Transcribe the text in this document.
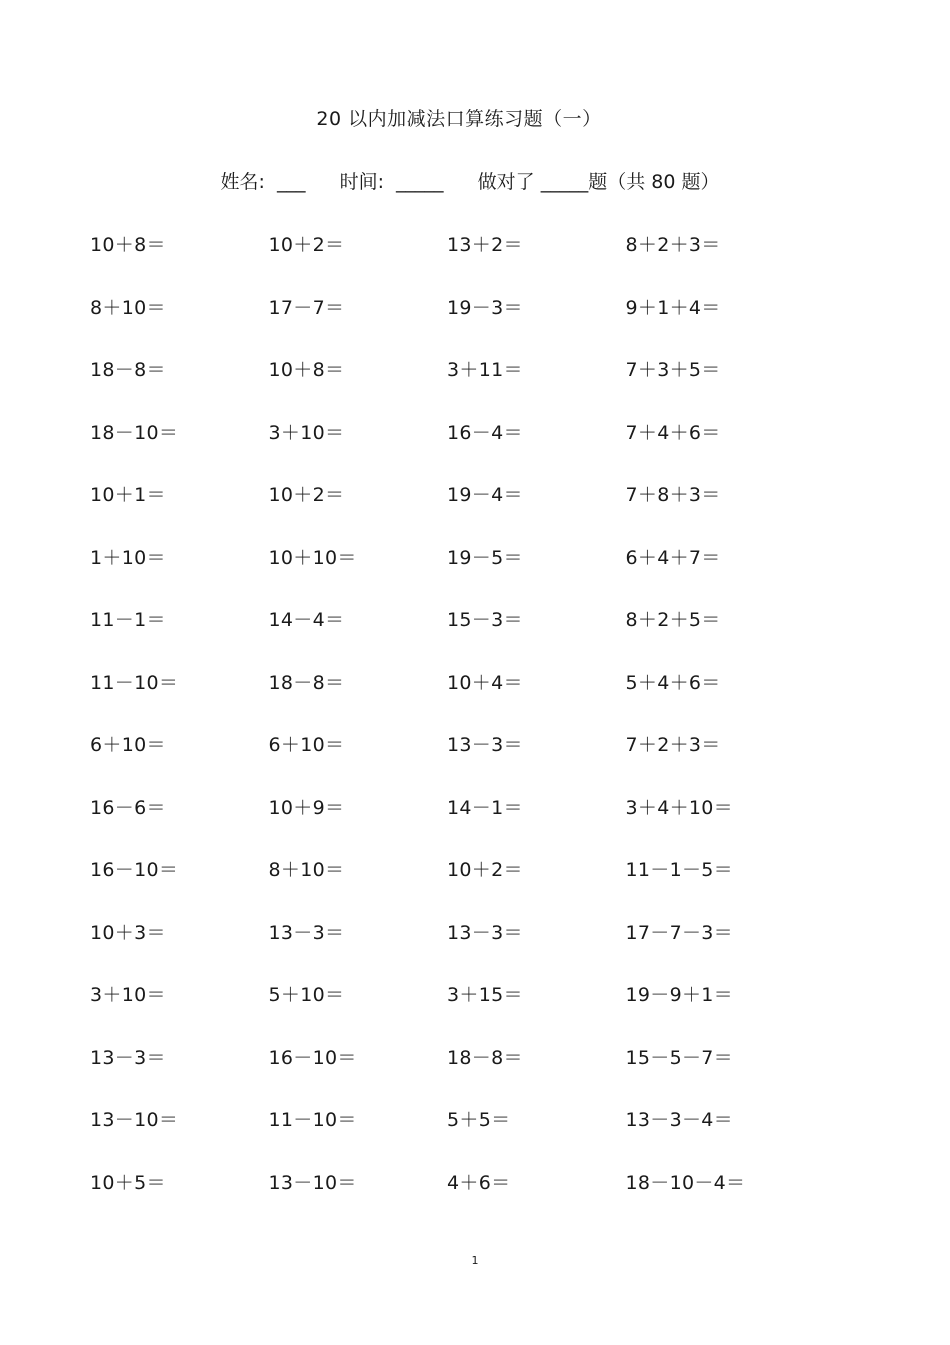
20 以内加减法口算练习题（一）
姓名: ___ 时间: _____ 做对了 _____题（共 80 题）
10＋8＝	10＋2＝	13＋2＝	8＋2＋3＝
8＋10＝	17－7＝	19－3＝	9＋1＋4＝
18－8＝	10＋8＝	3＋11＝	7＋3＋5＝
18－10＝	3＋10＝	16－4＝	7＋4＋6＝
10＋1＝	10＋2＝	19－4＝	7＋8＋3＝
1＋10＝	10＋10＝	19－5＝	6＋4＋7＝
11－1＝	14－4＝	15－3＝	8＋2＋5＝
11－10＝	18－8＝	10＋4＝	5＋4＋6＝
6＋10＝	6＋10＝	13－3＝	7＋2＋3＝
16－6＝	10＋9＝	14－1＝	3＋4＋10＝
16－10＝	8＋10＝	10＋2＝	11－1－5＝
10＋3＝	13－3＝	13－3＝	17－7－3＝
3＋10＝	5＋10＝	3＋15＝	19－9＋1＝
13－3＝	16－10＝	18－8＝	15－5－7＝
13－10＝	11－10＝	5＋5＝	13－3－4＝
10＋5＝	13－10＝	4＋6＝	18－10－4＝
1
